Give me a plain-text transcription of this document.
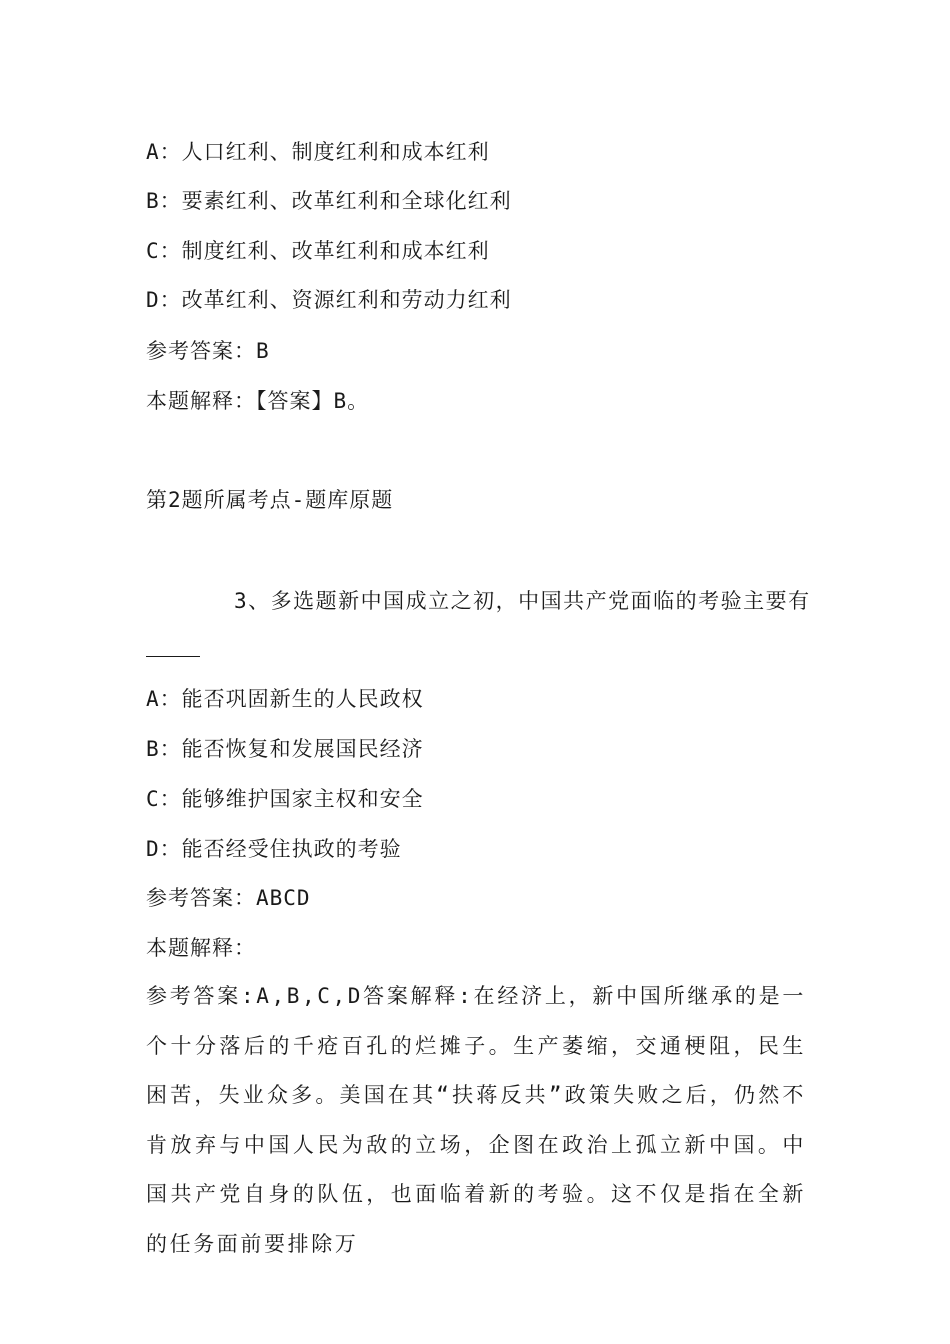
A：人口红利、制度红利和成本红利
B：要素红利、改革红利和全球化红利
C：制度红利、改革红利和成本红利
D：改革红利、资源红利和劳动力红利
参考答案：B
本题解释：【答案】B。
第2题所属考点-题库原题
3、多选题新中国成立之初，中国共产党面临的考验主要有
A：能否巩固新生的人民政权
B：能否恢复和发展国民经济
C：能够维护国家主权和安全
D：能否经受住执政的考验
参考答案：ABCD
本题解释：
参考答案:A,B,C,D答案解释:在经济上，新中国所继承的是一个十分落后的千疮百孔的烂摊子。生产萎缩，交通梗阻，民生困苦，失业众多。美国在其“扶蒋反共”政策失败之后，仍然不肯放弃与中国人民为敌的立场，企图在政治上孤立新中国。中国共产党自身的队伍，也面临着新的考验。这不仅是指在全新的任务面前要排除万
